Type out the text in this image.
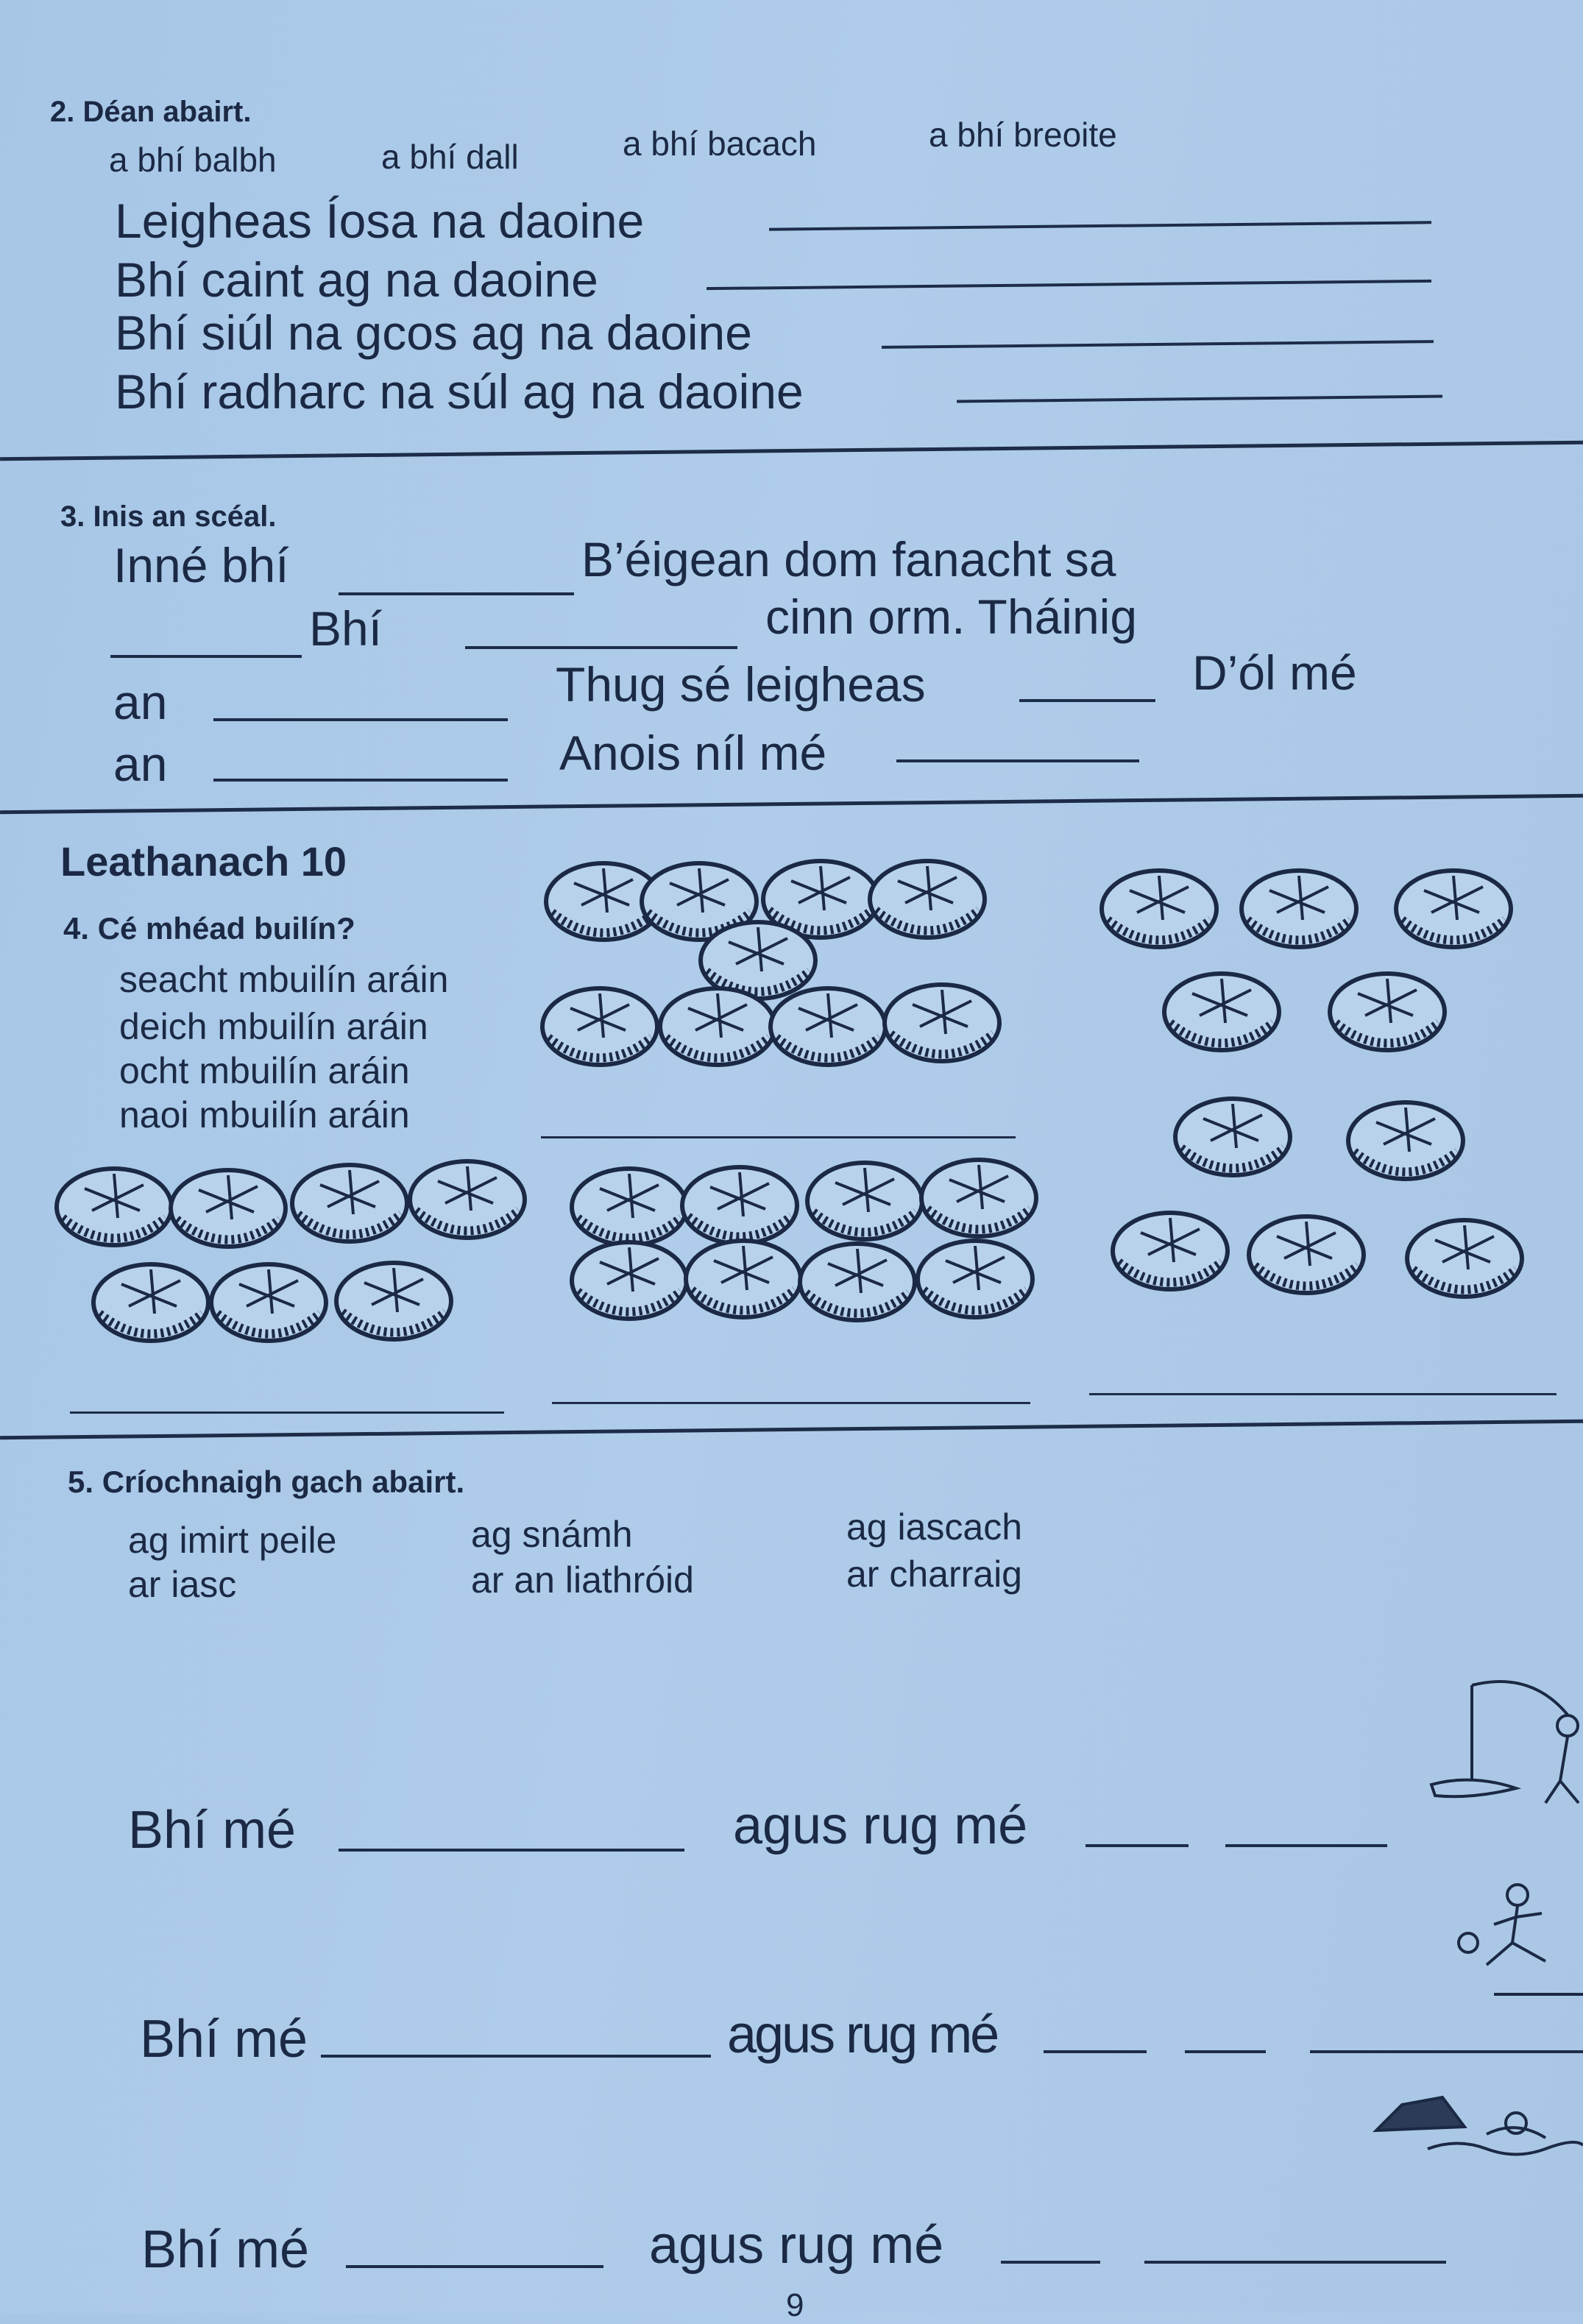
2. Déan abairt.
a bhí balbh	a bhí dall	a bhí bacach	a bhí breoite
Leigheas Íosa na daoine
Bhí caint ag na daoine
Bhí siúl na gcos ag na daoine
Bhí radharc na súl ag na daoine
3. Inis an scéal.
Inné bhí	B’éigean dom fanacht sa
Bhí	cinn orm. Tháinig
an	Thug sé leigheas	D’ól mé
an	Anois níl mé
Leathanach 10
4. Cé mhéad builín?
seacht mbuilín aráin
deich mbuilín aráin
ocht mbuilín aráin
naoi mbuilín aráin
5. Críochnaigh gach abairt.
ag imirt peile	ag snámh	ag iascach
ar iasc	ar an liathróid	ar charraig
Bhí mé	agus rug mé
Bhí mé	agus rug mé
Bhí mé	agus rug mé
9
